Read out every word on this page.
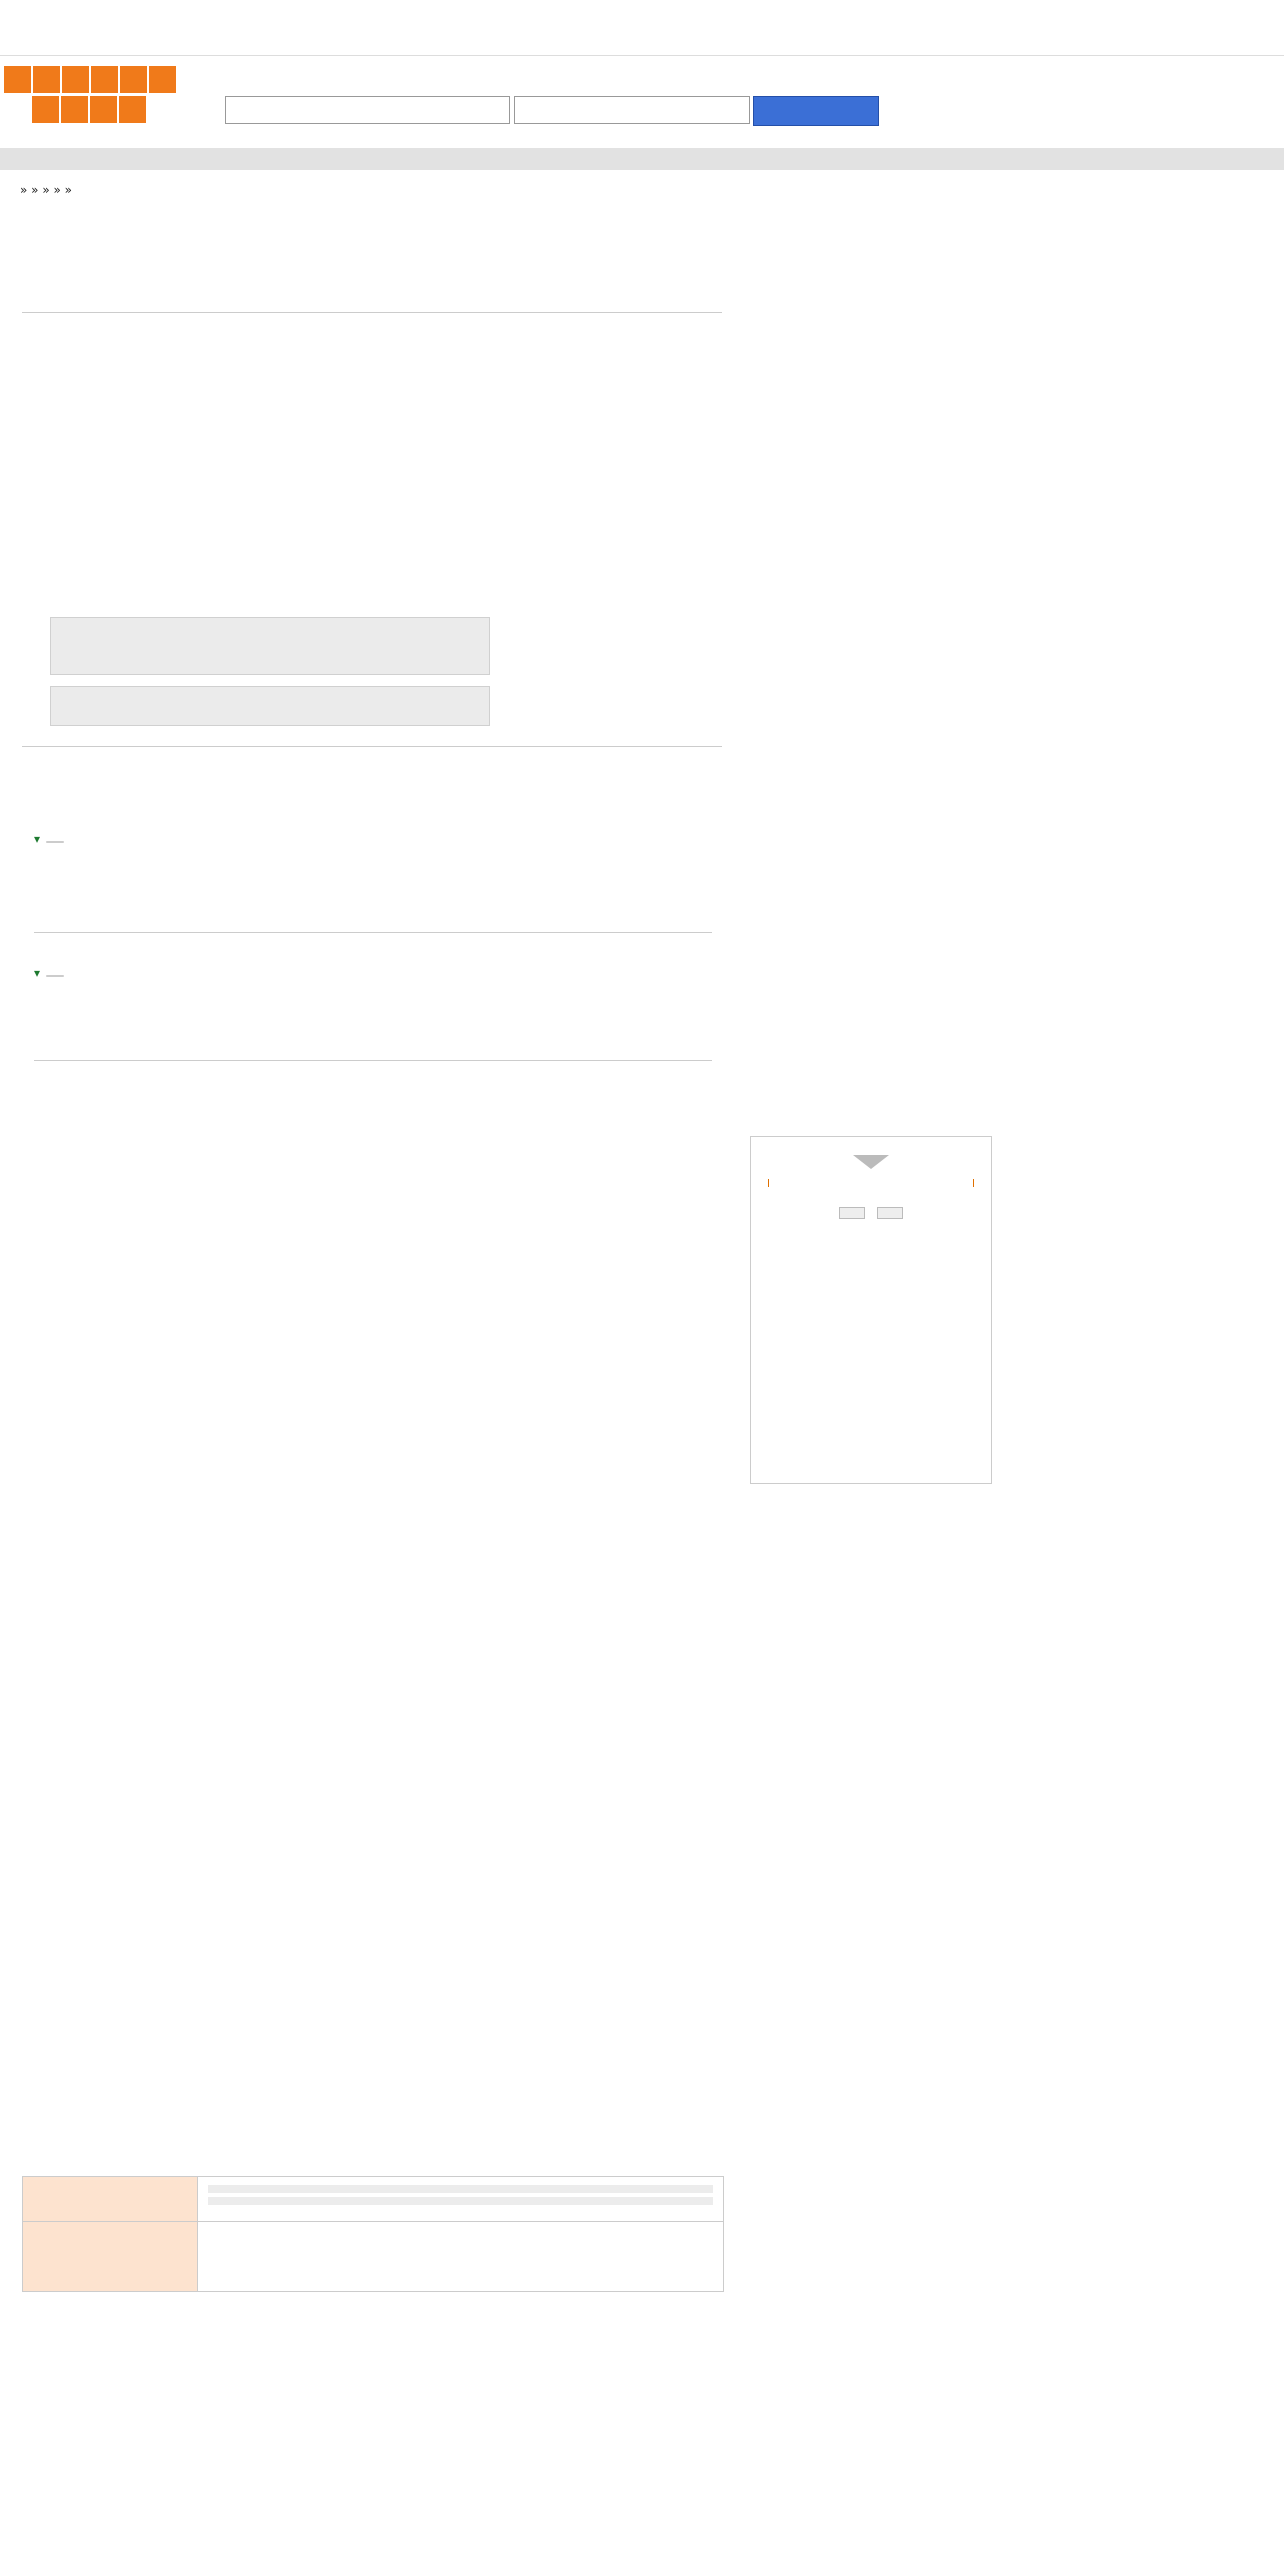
» » » » »

▾
▾
